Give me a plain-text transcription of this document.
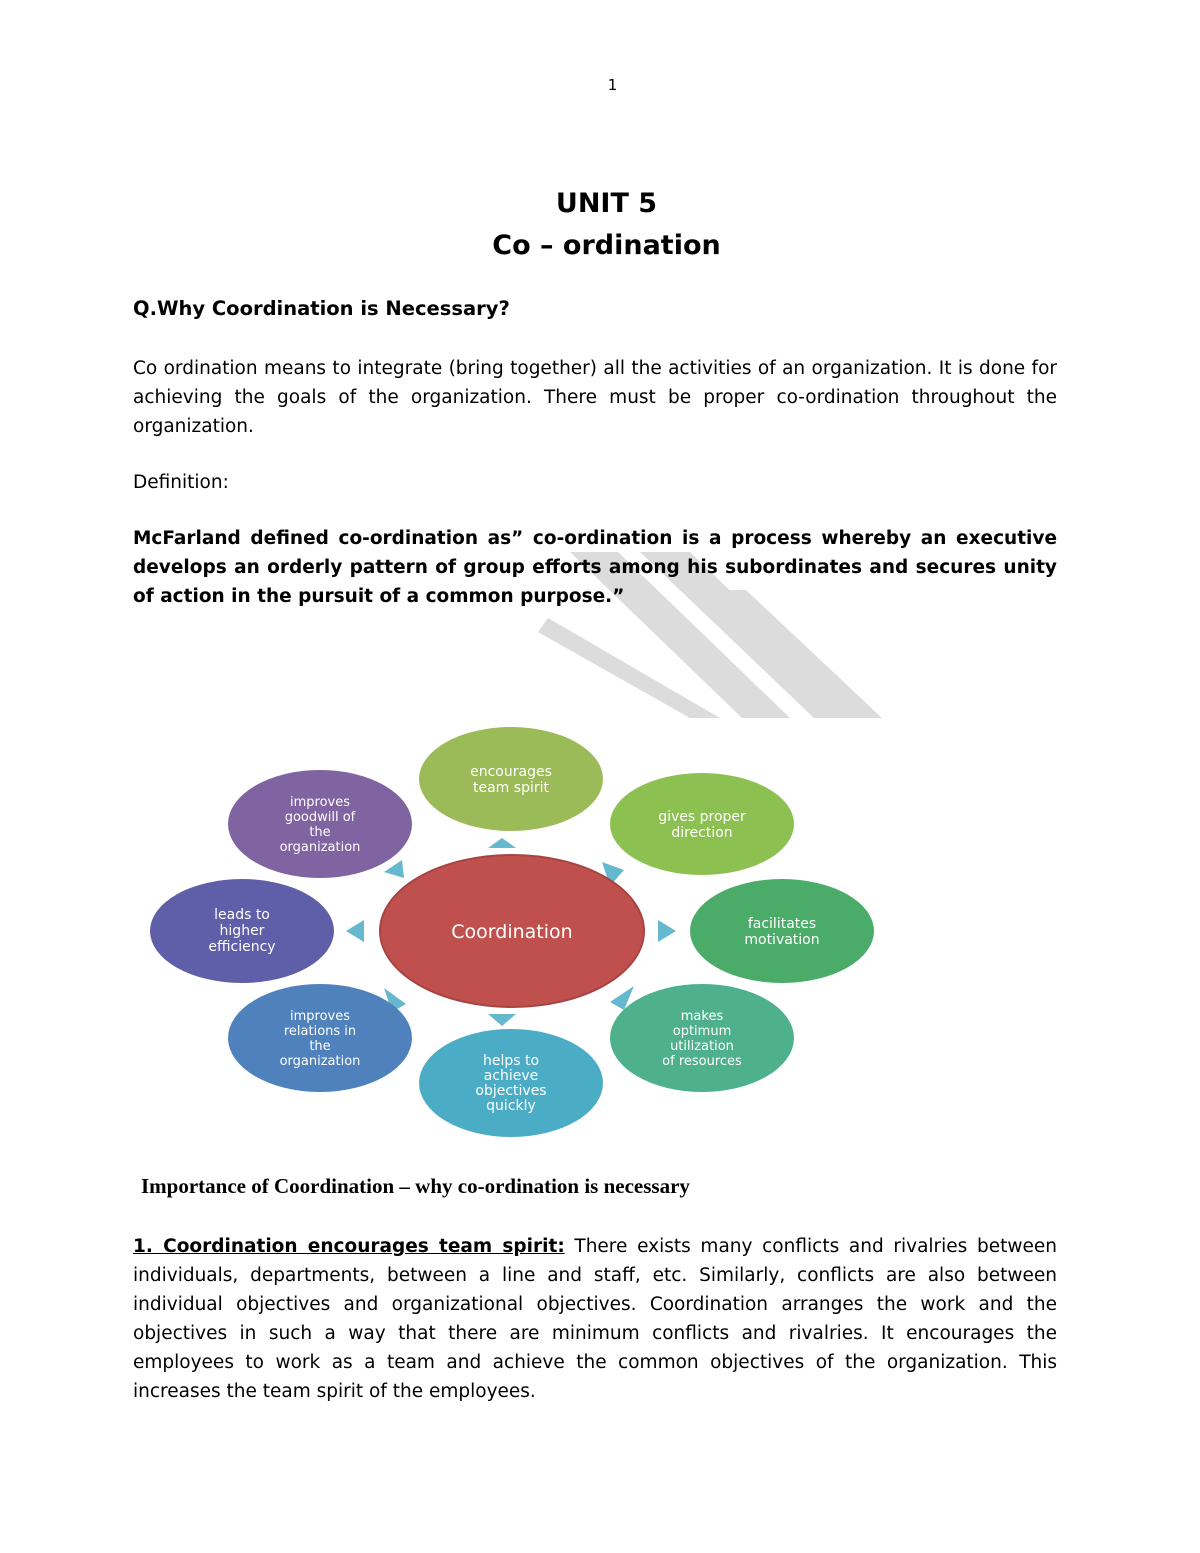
1
UNIT 5
Co – ordination
Q.Why Coordination is Necessary?
Co ordination means to integrate (bring together) all the activities of an organization. It is done for achieving the goals of the organization. There must be proper co-ordination throughout the organization.
Definition:
McFarland defined co-ordination as” co-ordination is a process whereby an executive develops an orderly pattern of group efforts among his subordinates and secures unity of action in the pursuit of a common purpose.”
Coordination
encourages
team spirit
gives proper
direction
facilitates
motivation
makes
optimum
utilization
of resources
helps to
achieve
objectives
quickly
improves
relations in
the
organization
leads to
higher
efficiency
improves
goodwill of
the
organization
Importance of Coordination – why co-ordination is necessary
1. Coordination encourages team spirit: There exists many conflicts and rivalries between individuals, departments, between a line and staff, etc. Similarly, conflicts are also between individual objectives and organizational objectives. Coordination arranges the work and the objectives in such a way that there are minimum conflicts and rivalries. It encourages the employees to work as a team and achieve the common objectives of the organization. This increases the team spirit of the employees.
